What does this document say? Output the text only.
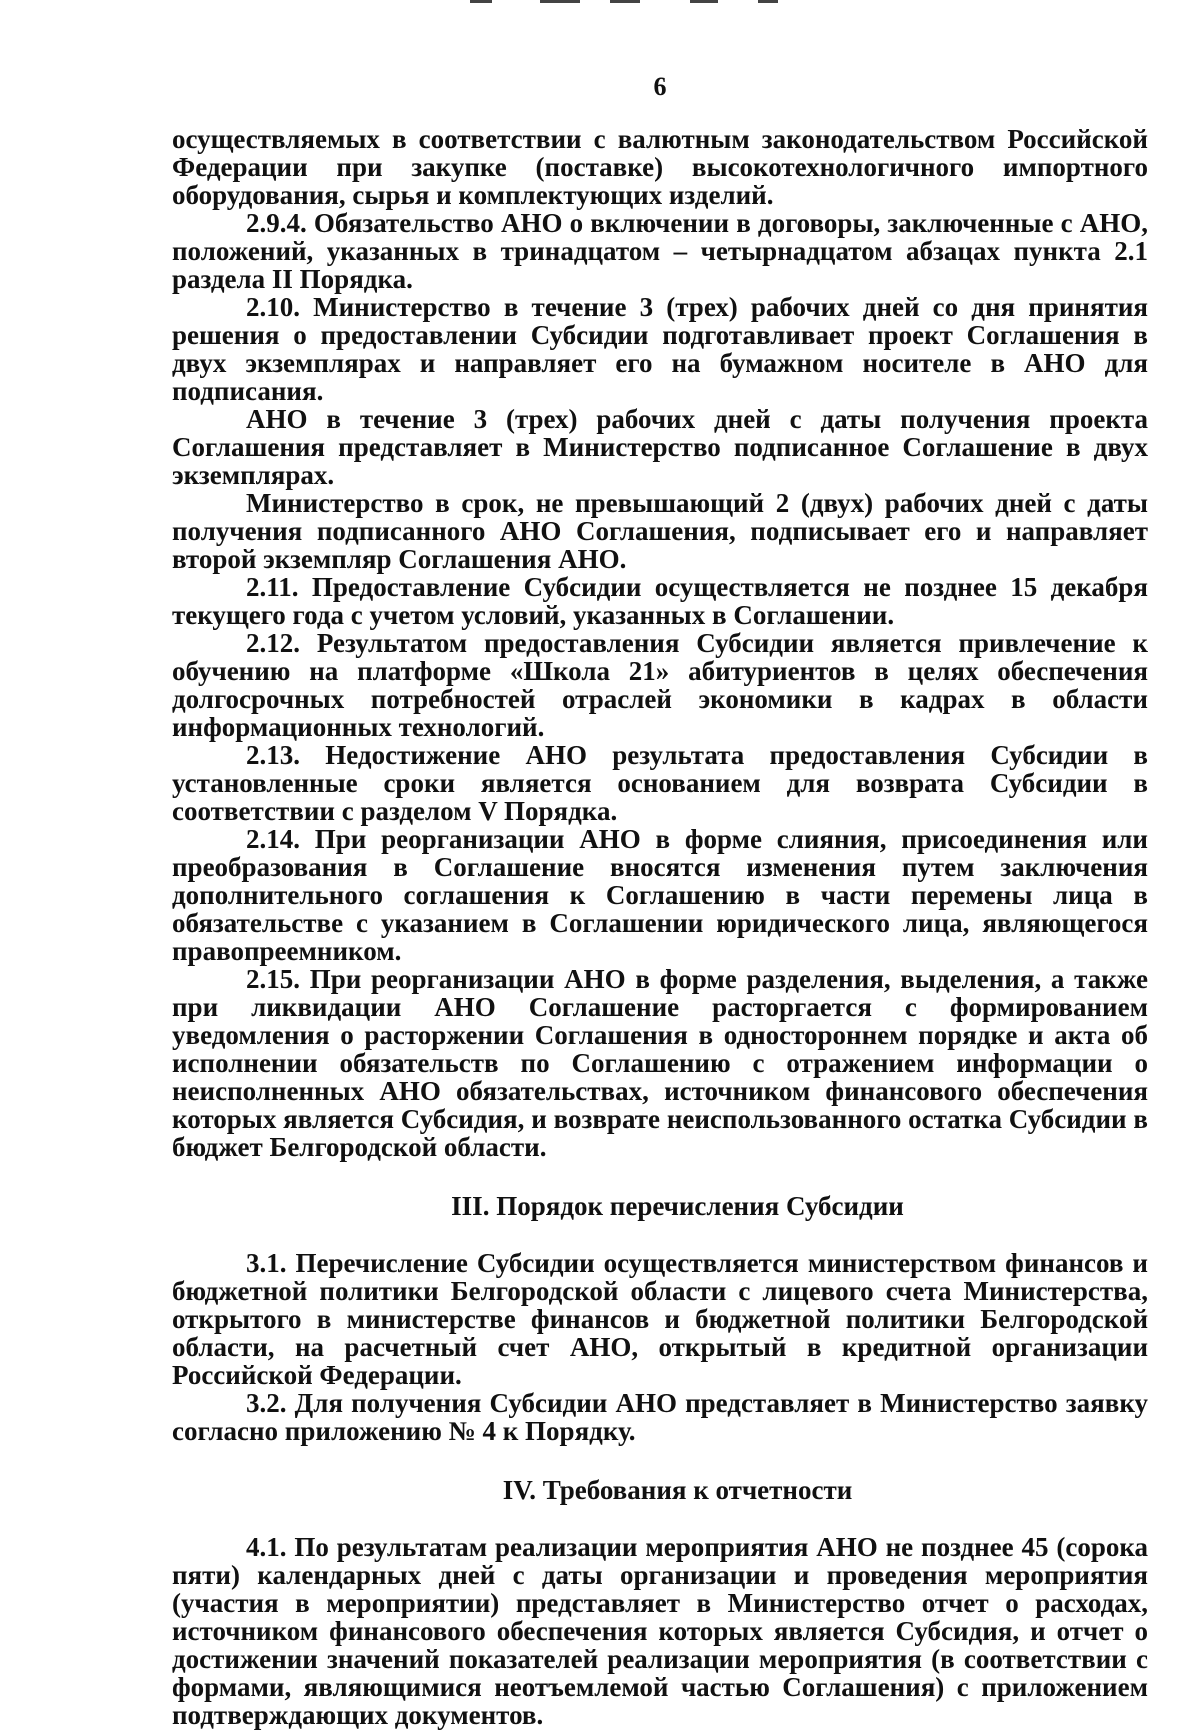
6

осуществляемых в соответствии с валютным законодательством Российской Федерации при закупке (поставке) высокотехнологичного импортного оборудования, сырья и комплектующих изделий.

2.9.4. Обязательство АНО о включении в договоры, заключенные с АНО, положений, указанных в тринадцатом – четырнадцатом абзацах пункта 2.1 раздела II Порядка.

2.10. Министерство в течение 3 (трех) рабочих дней со дня принятия решения о предоставлении Субсидии подготавливает проект Соглашения в двух экземплярах и направляет его на бумажном носителе в АНО для подписания.

АНО в течение 3 (трех) рабочих дней с даты получения проекта Соглашения представляет в Министерство подписанное Соглашение в двух экземплярах.

Министерство в срок, не превышающий 2 (двух) рабочих дней с даты получения подписанного АНО Соглашения, подписывает его и направляет второй экземпляр Соглашения АНО.

2.11. Предоставление Субсидии осуществляется не позднее 15 декабря текущего года с учетом условий, указанных в Соглашении.

2.12. Результатом предоставления Субсидии является привлечение к обучению на платформе «Школа 21» абитуриентов в целях обеспечения долгосрочных потребностей отраслей экономики в кадрах в области информационных технологий.

2.13. Недостижение АНО результата предоставления Субсидии в установленные сроки является основанием для возврата Субсидии в соответствии с разделом V Порядка.

2.14. При реорганизации АНО в форме слияния, присоединения или преобразования в Соглашение вносятся изменения путем заключения дополнительного соглашения к Соглашению в части перемены лица в обязательстве с указанием в Соглашении юридического лица, являющегося правопреемником.

2.15. При реорганизации АНО в форме разделения, выделения, а также при ликвидации АНО Соглашение расторгается с формированием уведомления о расторжении Соглашения в одностороннем порядке и акта об исполнении обязательств по Соглашению с отражением информации о неисполненных АНО обязательствах, источником финансового обеспечения которых является Субсидия, и возврате неиспользованного остатка Субсидии в бюджет Белгородской области.

III. Порядок перечисления Субсидии

3.1. Перечисление Субсидии осуществляется министерством финансов и бюджетной политики Белгородской области с лицевого счета Министерства, открытого в министерстве финансов и бюджетной политики Белгородской области, на расчетный счет АНО, открытый в кредитной организации Российской Федерации.

3.2. Для получения Субсидии АНО представляет в Министерство заявку согласно приложению № 4 к Порядку.

IV. Требования к отчетности

4.1. По результатам реализации мероприятия АНО не позднее 45 (сорока пяти) календарных дней с даты организации и проведения мероприятия (участия в мероприятии) представляет в Министерство отчет о расходах, источником финансового обеспечения которых является Субсидия, и отчет о достижении значений показателей реализации мероприятия (в соответствии с формами, являющимися неотъемлемой частью Соглашения) с приложением подтверждающих документов.
